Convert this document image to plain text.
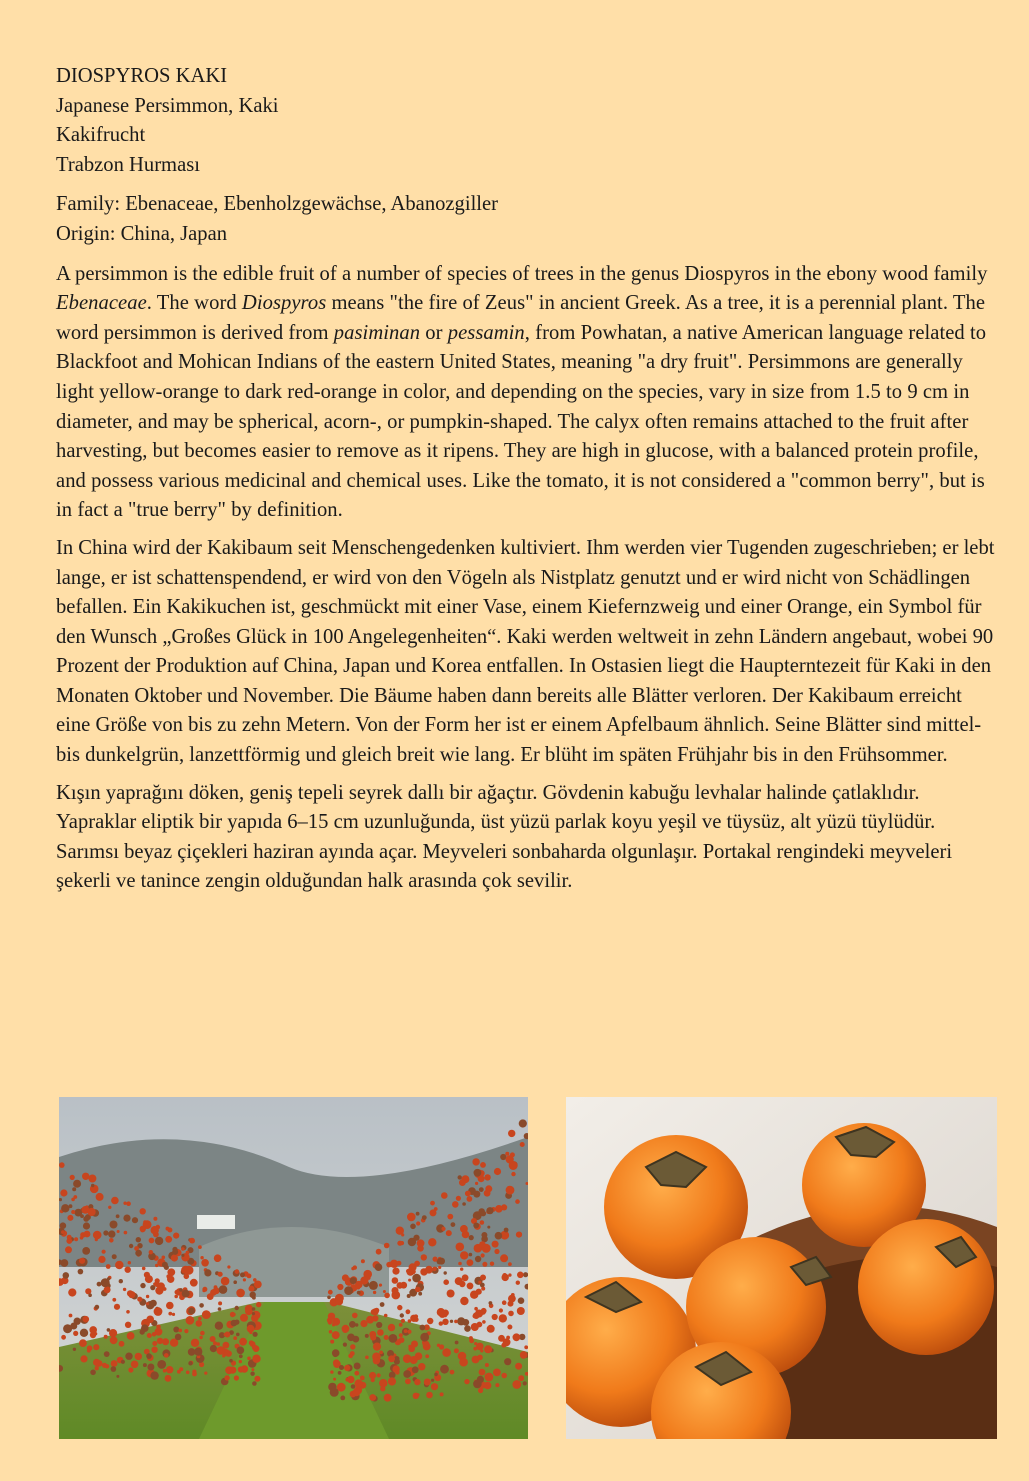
DIOSPYROS KAKI
Japanese Persimmon, Kaki
Kakifrucht
Trabzon Hurması
Family: Ebenaceae, Ebenholzgewächse, Abanozgiller
Origin: China, Japan

A persimmon is the edible fruit of a number of species of trees in the genus Diospyros in the ebony wood family Ebenaceae. The word Diospyros means "the fire of Zeus" in ancient Greek. As a tree, it is a perennial plant. The word persimmon is derived from pasiminan or pessamin, from Powhatan, a native American language related to Blackfoot and Mohican Indians of the eastern United States, meaning "a dry fruit". Persimmons are generally light yellow-orange to dark red-orange in color, and depending on the species, vary in size from 1.5 to 9 cm in diameter, and may be spherical, acorn-, or pumpkin-shaped. The calyx often remains attached to the fruit after harvesting, but becomes easier to remove as it ripens. They are high in glucose, with a balanced protein profile, and possess various medicinal and chemical uses. Like the tomato, it is not considered a "common berry", but is in fact a "true berry" by definition.

In China wird der Kakibaum seit Menschengedenken kultiviert. Ihm werden vier Tugenden zugeschrieben; er lebt lange, er ist schattenspendend, er wird von den Vögeln als Nistplatz genutzt und er wird nicht von Schädlingen befallen. Ein Kakikuchen ist, geschmückt mit einer Vase, einem Kiefernzweig und einer Orange, ein Symbol für den Wunsch „Großes Glück in 100 Angelegenheiten“. Kaki werden weltweit in zehn Ländern angebaut, wobei 90 Prozent der Produktion auf China, Japan und Korea entfallen. In Ostasien liegt die Haupterntezeit für Kaki in den Monaten Oktober und November. Die Bäume haben dann bereits alle Blätter verloren. Der Kakibaum erreicht eine Größe von bis zu zehn Metern. Von der Form her ist er einem Apfelbaum ähnlich. Seine Blätter sind mittel- bis dunkelgrün, lanzettförmig und gleich breit wie lang. Er blüht im späten Frühjahr bis in den Frühsommer.

Kışın yaprağını döken, geniş tepeli seyrek dallı bir ağaçtır. Gövdenin kabuğu levhalar halinde çatlaklıdır. Yapraklar eliptik bir yapıda 6–15 cm uzunluğunda, üst yüzü parlak koyu yeşil ve tüysüz, alt yüzü tüylüdür. Sarımsı beyaz çiçekleri haziran ayında açar. Meyveleri sonbaharda olgunlaşır. Portakal rengindeki meyveleri şekerli ve tanince zengin olduğundan halk arasında çok sevilir.
